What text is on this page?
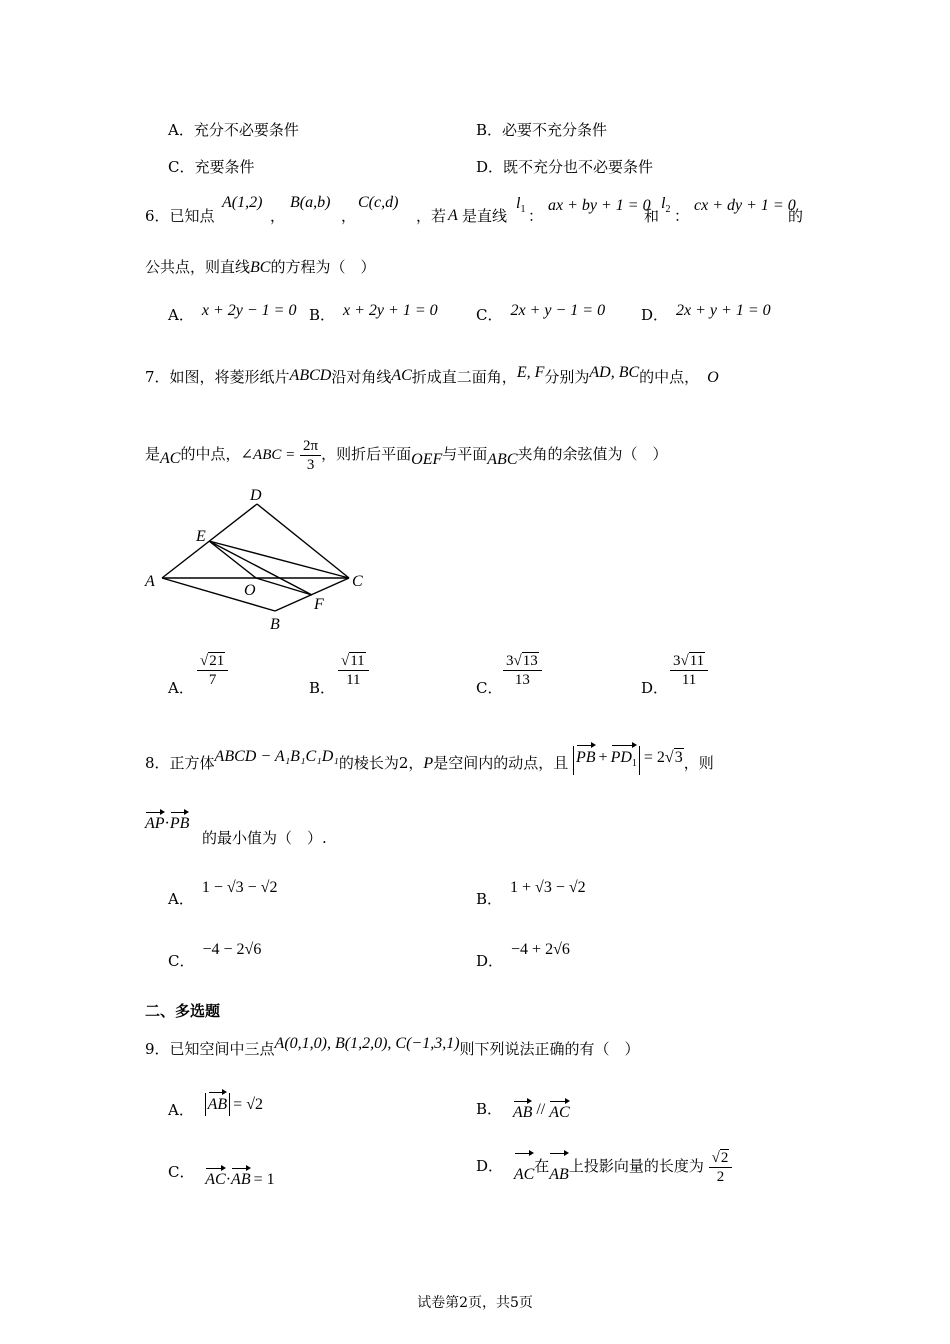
A．充分不必要条件	B．必要不充分条件
C．充要条件	D．既不充分也不必要条件
6．已知点
A(1,2)
，
B(a,b)
，
C(c,d)
，若 A 是直线
$l_1$ ：
ax + by + 1 = 0
和
$l_2$ ：
cx + dy + 1 = 0
的
公共点，则直线BC的方程为（　）
A． x + 2y − 1 = 0 B． x + 2y + 1 = 0	C． 2x + y − 1 = 0 D． 2x + y + 1 = 0
7．如图，将菱形纸片ABCD沿对角线AC折成直二面角，E, F分别为AD, BC的中点， O
是AC的中点，∠ABC = $\frac{2\pi}{3}$ ，则折后平面OEF与平面ABC夹角的余弦值为（　）
D
E
A
O
C
F
B
A． $\frac{√21}{7}$	B． $\frac{√11}{11}$	C． $\frac{3√13}{13}$	D． $\frac{3√11}{11}$
8．正方体ABCD − A₁B₁C₁D₁的棱长为2，P是空间内的动点，且 PB + $PD_1 = 2√3$，则
AP·PB
的最小值为（　）.
A．1 − √3 − √2
B．1 + √3 − √2
C．−4 − 2√6
D．−4 + 2√6
二、多选题
9．已知空间中三点A(0,1,0), B(1,2,0), C(−1,3,1)则下列说法正确的有（　）
A． AB = √2	B． AB // AC
C． AC·AB = 1
D． AC在AB上投影向量的长度为 $\frac{√2}{2}$
试卷第2页，共5页
